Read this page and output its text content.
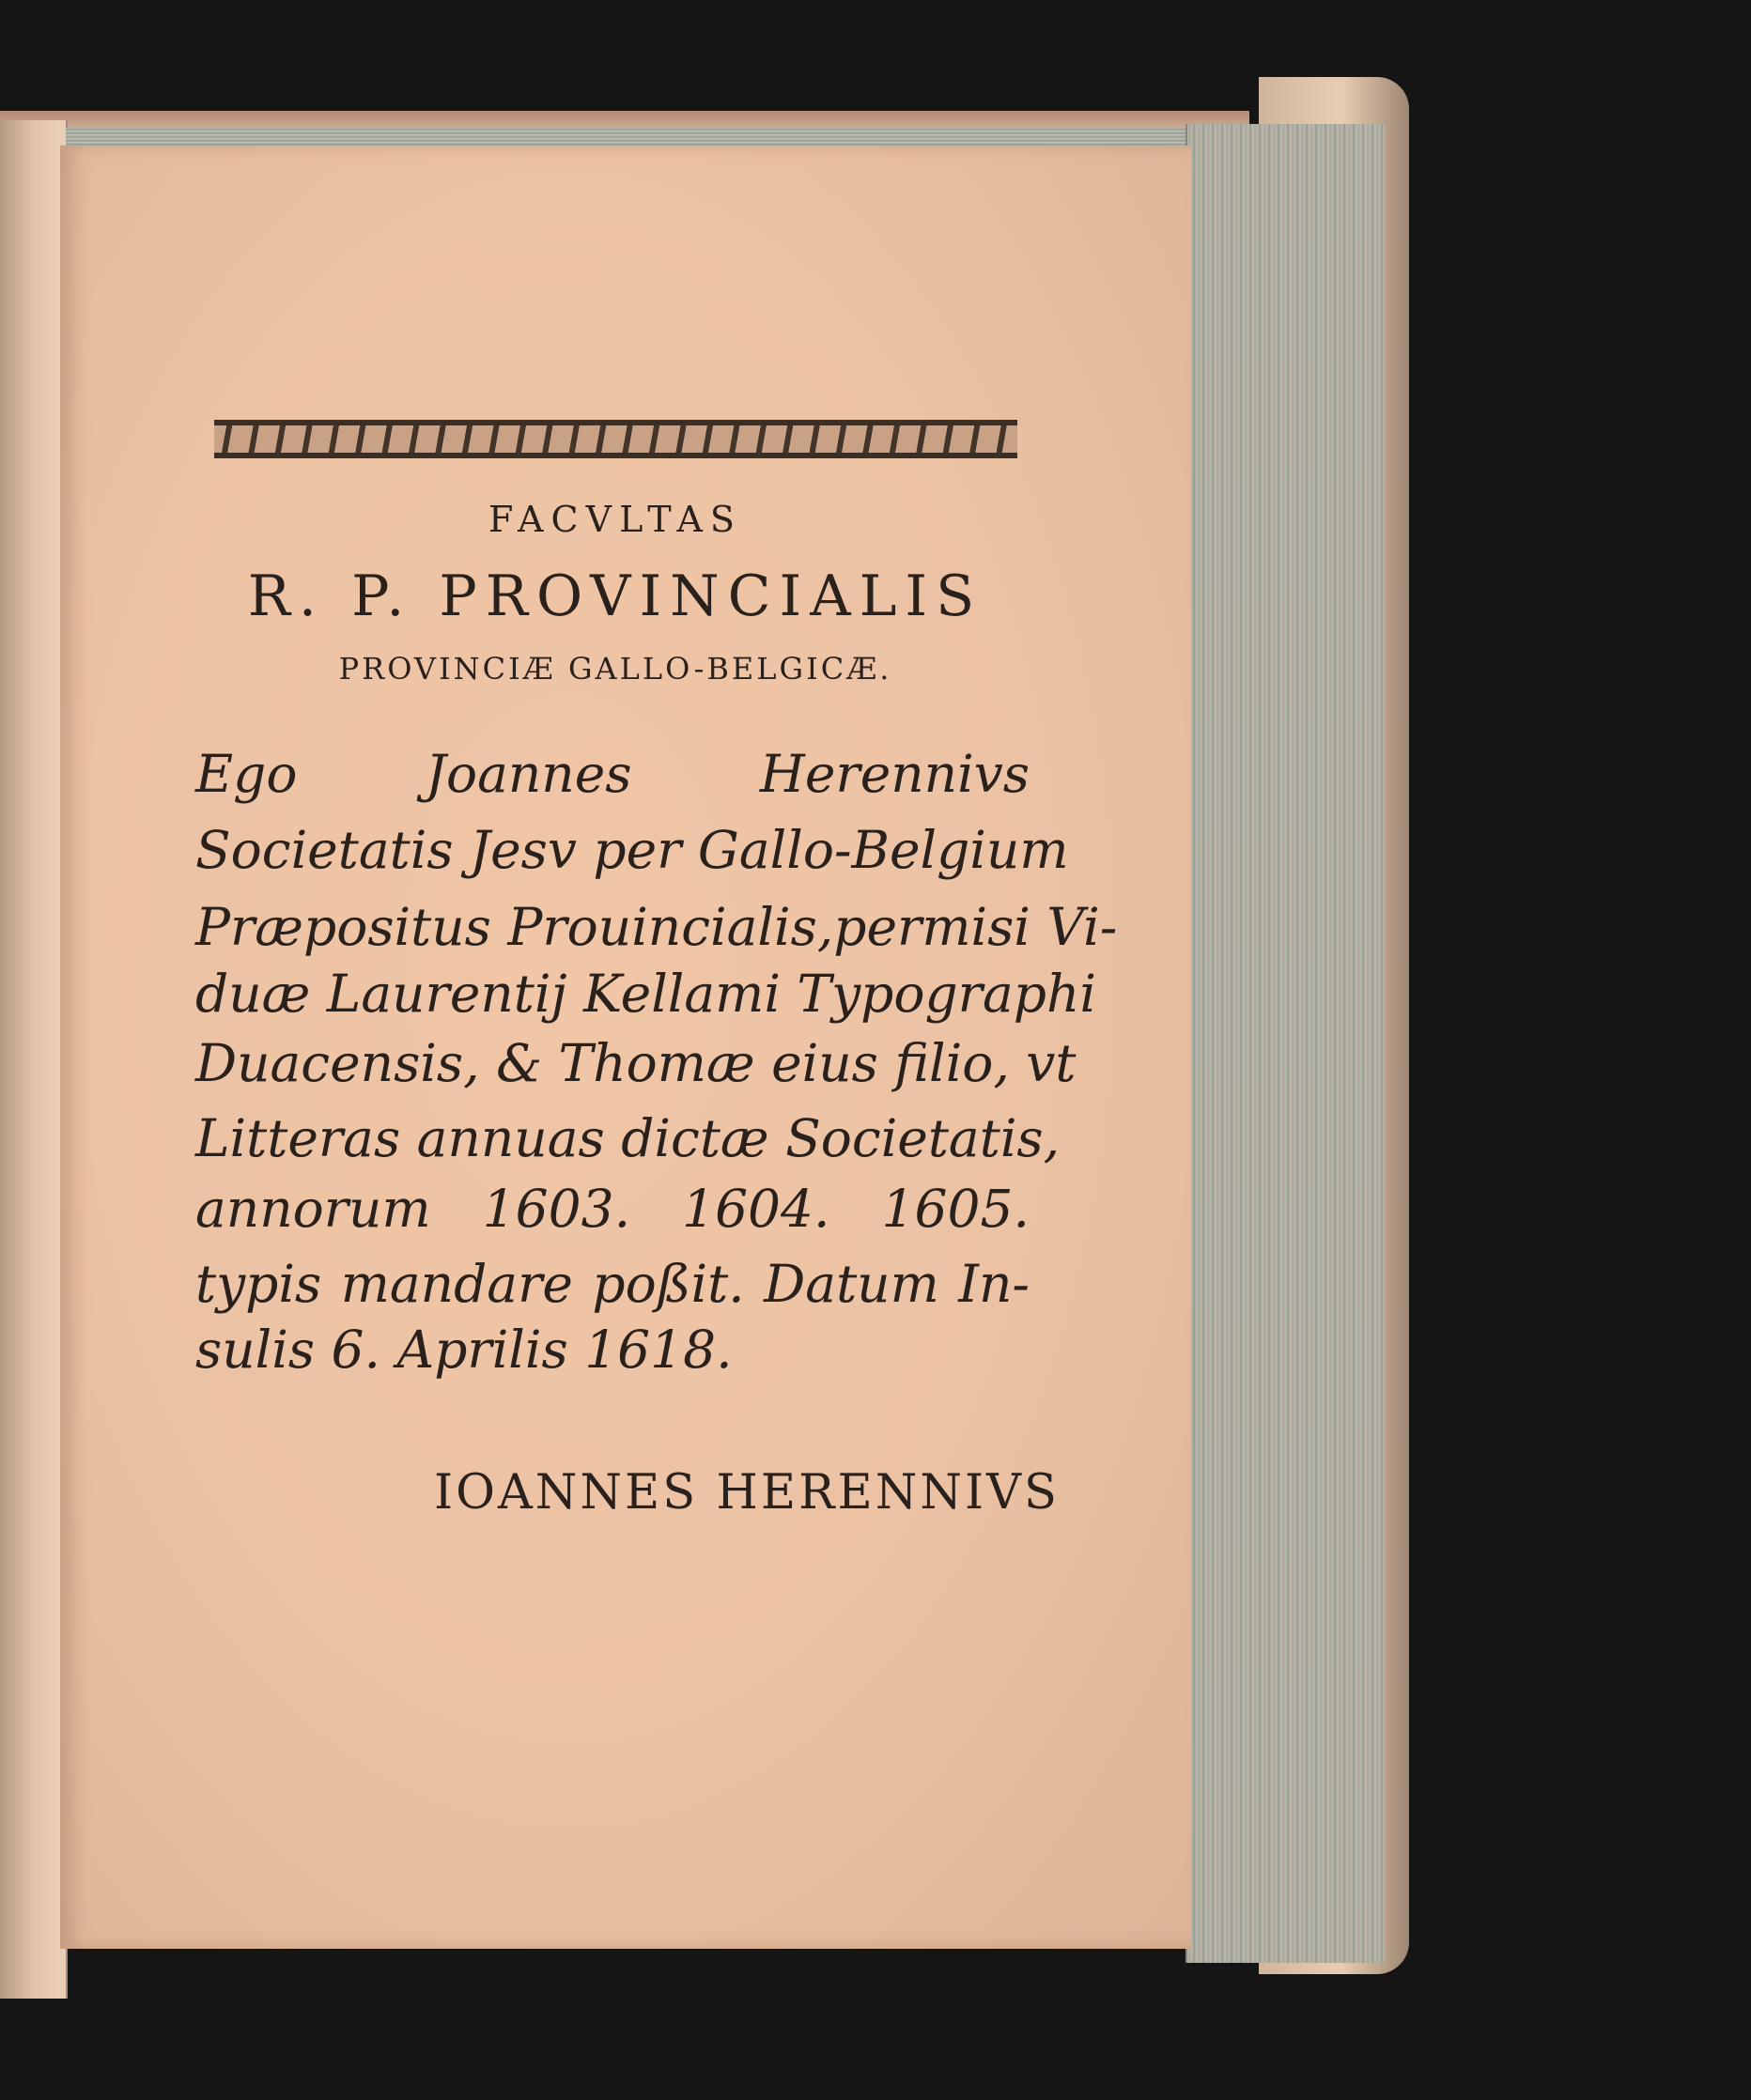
FACVLTAS
R. P. PROVINCIALIS
PROVINCIÆ GALLO-BELGICÆ.
Ego Joannes Herennivs
Societatis Jesv per Gallo-Belgium
Præpositus Prouincialis,permisi Vi-
duæ Laurentij Kellami Typographi
Duacensis, & Thomæ eius filio, vt
Litteras annuas dictæ Societatis,
annorum 1603. 1604. 1605.
typis mandare poßit. Datum In-
sulis 6. Aprilis 1618.
IOANNES HERENNIVS
